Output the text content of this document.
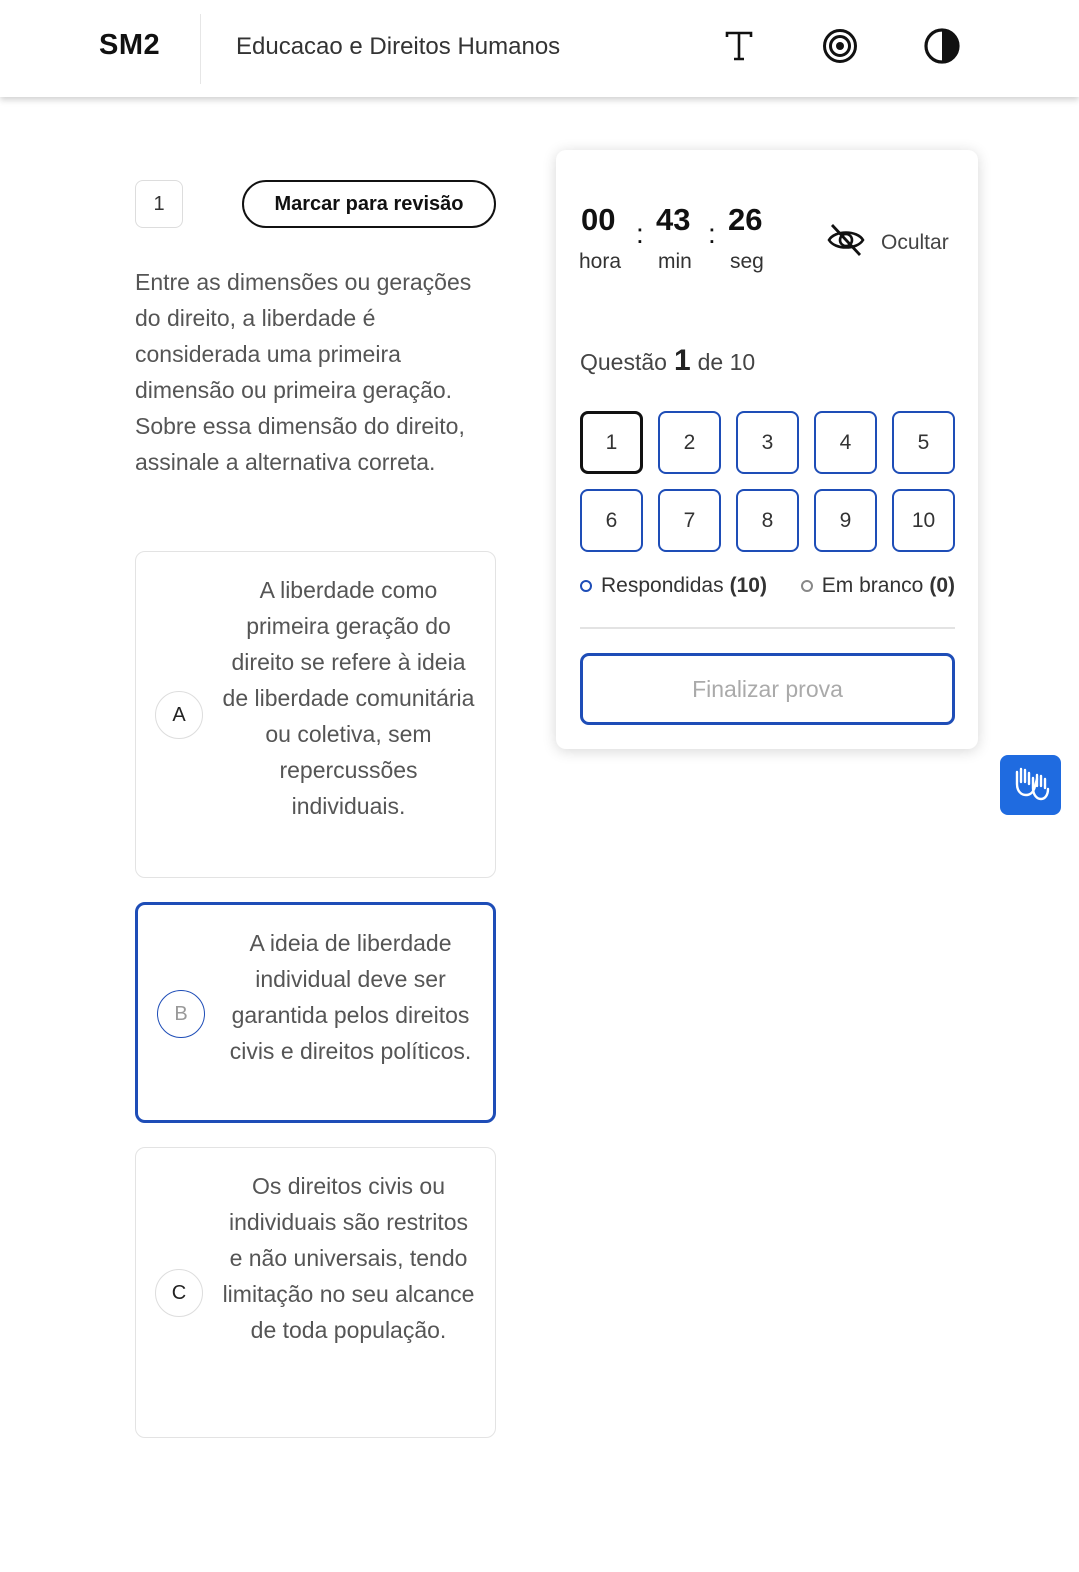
SM2	Educacao e Direitos Humanos
1	Marcar para revisão
Entre as dimensões ou gerações do direito, a liberdade é considerada uma primeira dimensão ou primeira geração. Sobre essa dimensão do direito, assinale a alternativa correta.
A
A liberdade como primeira geração do direito se refere à ideia de liberdade comunitária ou coletiva, sem repercussões individuais.
B
A ideia de liberdade individual deve ser garantida pelos direitos civis e direitos políticos.
C
Os direitos civis ou individuais são restritos e não universais, tendo limitação no seu alcance de toda população.
00 : 43 : 26
hora min seg
Ocultar
Questão 1 de 10
1	2	3	4	5
6	7	8	9	10
Respondidas (10)	Em branco (0)
Finalizar prova
